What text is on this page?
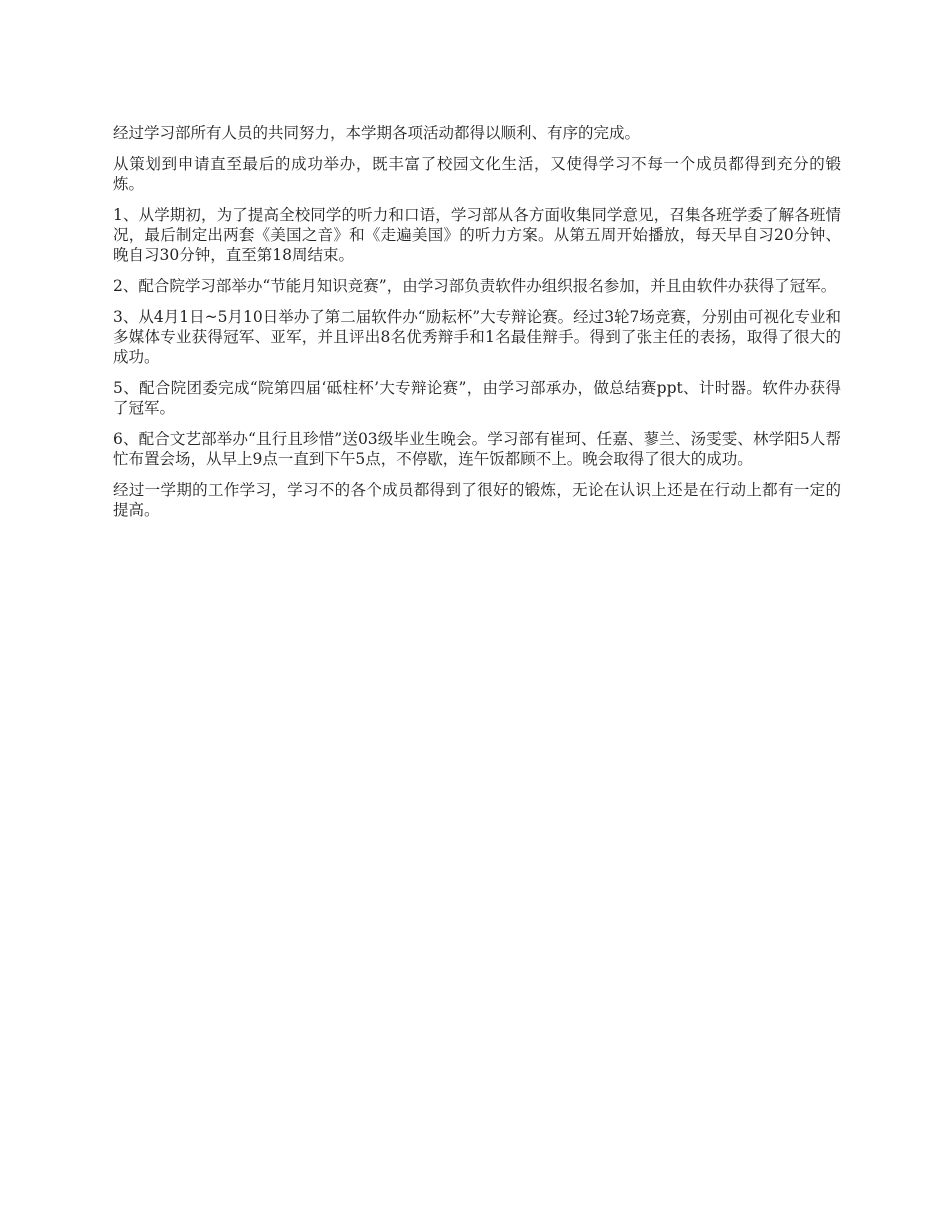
经过学习部所有人员的共同努力，本学期各项活动都得以顺利、有序的完成。

从策划到申请直至最后的成功举办，既丰富了校园文化生活，又使得学习不每一个成员都得到充分的锻炼。

1、从学期初，为了提高全校同学的听力和口语，学习部从各方面收集同学意见，召集各班学委了解各班情况，最后制定出两套《美国之音》和《走遍美国》的听力方案。从第五周开始播放，每天早自习20分钟、晚自习30分钟，直至第18周结束。

2、配合院学习部举办“节能月知识竞赛”，由学习部负责软件办组织报名参加，并且由软件办获得了冠军。

3、从4月1日~5月10日举办了第二届软件办“励耘杯”大专辩论赛。经过3轮7场竞赛，分别由可视化专业和多媒体专业获得冠军、亚军，并且评出8名优秀辩手和1名最佳辩手。得到了张主任的表扬，取得了很大的成功。

5、配合院团委完成“院第四届‘砥柱杯’大专辩论赛”，由学习部承办，做总结赛ppt、计时器。软件办获得了冠军。

6、配合文艺部举办“且行且珍惜”送03级毕业生晚会。学习部有崔珂、任嘉、蓼兰、汤雯雯、林学阳5人帮忙布置会场，从早上9点一直到下午5点，不停歇，连午饭都顾不上。晚会取得了很大的成功。

经过一学期的工作学习，学习不的各个成员都得到了很好的锻炼，无论在认识上还是在行动上都有一定的提高。
